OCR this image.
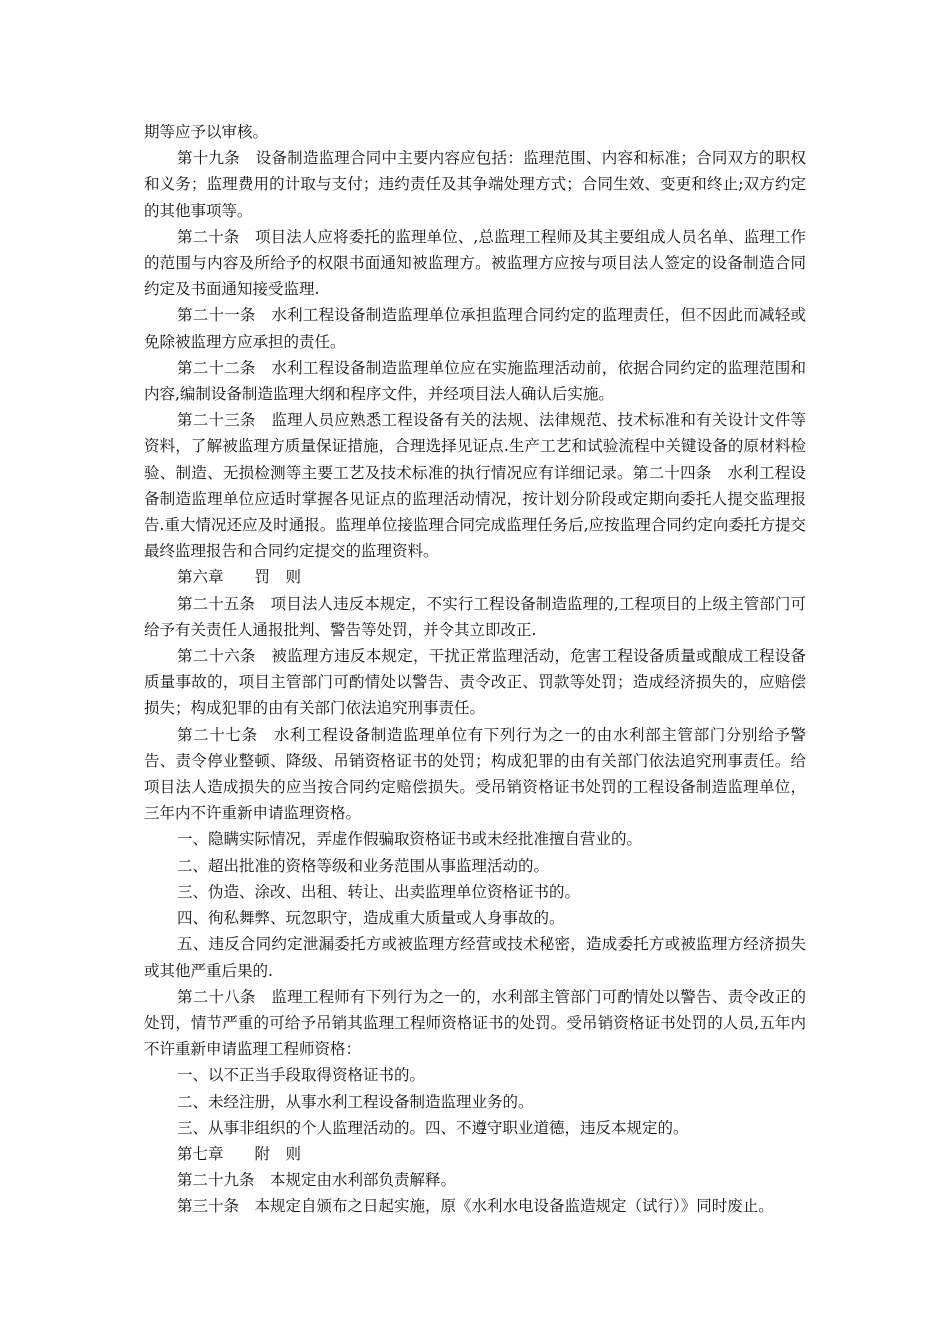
期等应予以审核。

第十九条　设备制造监理合同中主要内容应包括：监理范围、内容和标准；合同双方的职权和义务；监理费用的计取与支付；违约责任及其争端处理方式；合同生效、变更和终止;双方约定的其他事项等。

第二十条　项目法人应将委托的监理单位、,总监理工程师及其主要组成人员名单、监理工作的范围与内容及所给予的权限书面通知被监理方。被监理方应按与项目法人签定的设备制造合同约定及书面通知接受监理.

第二十一条　水利工程设备制造监理单位承担监理合同约定的监理责任，但不因此而减轻或免除被监理方应承担的责任。

第二十二条　水利工程设备制造监理单位应在实施监理活动前，依据合同约定的监理范围和内容,编制设备制造监理大纲和程序文件，并经项目法人确认后实施。

第二十三条　监理人员应熟悉工程设备有关的法规、法律规范、技术标准和有关设计文件等资料，了解被监理方质量保证措施，合理选择见证点.生产工艺和试验流程中关键设备的原材料检验、制造、无损检测等主要工艺及技术标准的执行情况应有详细记录。第二十四条　水利工程设备制造监理单位应适时掌握各见证点的监理活动情况，按计划分阶段或定期向委托人提交监理报告.重大情况还应及时通报。监理单位接监理合同完成监理任务后,应按监理合同约定向委托方提交最终监理报告和合同约定提交的监理资料。

第六章　　罚　则

第二十五条　项目法人违反本规定，不实行工程设备制造监理的,工程项目的上级主管部门可给予有关责任人通报批判、警告等处罚，并令其立即改正.

第二十六条　被监理方违反本规定，干扰正常监理活动，危害工程设备质量或酿成工程设备质量事故的，项目主管部门可酌情处以警告、责令改正、罚款等处罚；造成经济损失的，应赔偿损失；构成犯罪的由有关部门依法追究刑事责任。

第二十七条　水利工程设备制造监理单位有下列行为之一的由水利部主管部门分别给予警告、责令停业整顿、降级、吊销资格证书的处罚；构成犯罪的由有关部门依法追究刑事责任。给项目法人造成损失的应当按合同约定赔偿损失。受吊销资格证书处罚的工程设备制造监理单位，三年内不许重新申请监理资格。

一、隐瞒实际情况，弄虚作假骗取资格证书或未经批准擅自营业的。

二、超出批准的资格等级和业务范围从事监理活动的。

三、伪造、涂改、出租、转让、出卖监理单位资格证书的。

四、徇私舞弊、玩忽职守，造成重大质量或人身事故的。

五、违反合同约定泄漏委托方或被监理方经营或技术秘密，造成委托方或被监理方经济损失或其他严重后果的.

第二十八条　监理工程师有下列行为之一的，水利部主管部门可酌情处以警告、责令改正的处罚，情节严重的可给予吊销其监理工程师资格证书的处罚。受吊销资格证书处罚的人员,五年内不许重新申请监理工程师资格：

一、以不正当手段取得资格证书的。

二、未经注册，从事水利工程设备制造监理业务的。

三、从事非组织的个人监理活动的。四、不遵守职业道德，违反本规定的。

第七章　　附　则

第二十九条　本规定由水利部负责解释。

第三十条　本规定自颁布之日起实施，原《水利水电设备监造规定（试行）》同时废止。
